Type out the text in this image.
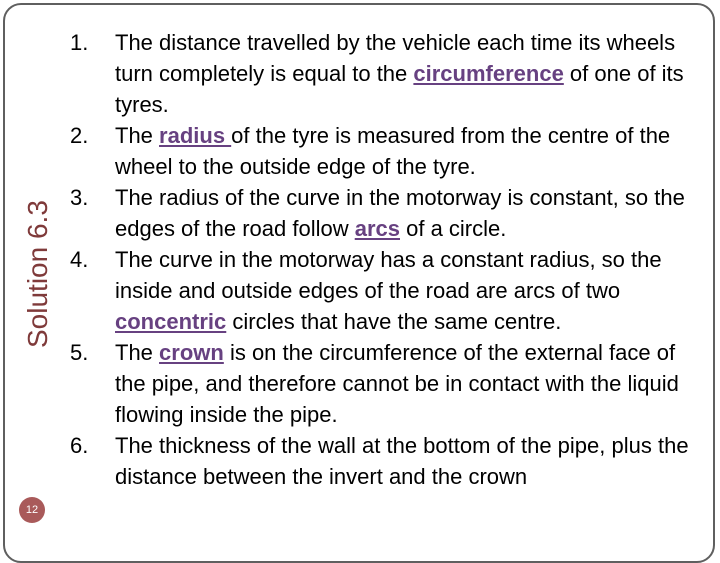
Solution 6.3
12
1. The distance travelled by the vehicle each time its wheels turn completely is equal to the circumference of one of its tyres.
2. The radius of the tyre is measured from the centre of the wheel to the outside edge of the tyre.
3. The radius of the curve in the motorway is constant, so the edges of the road follow arcs of a circle.
4. The curve in the motorway has a constant radius, so the inside and outside edges of the road are arcs of two concentric circles that have the same centre.
5. The crown is on the circumference of the external face of the pipe, and therefore cannot be in contact with the liquid flowing inside the pipe.
6. The thickness of the wall at the bottom of the pipe, plus the distance between the invert and the crown
